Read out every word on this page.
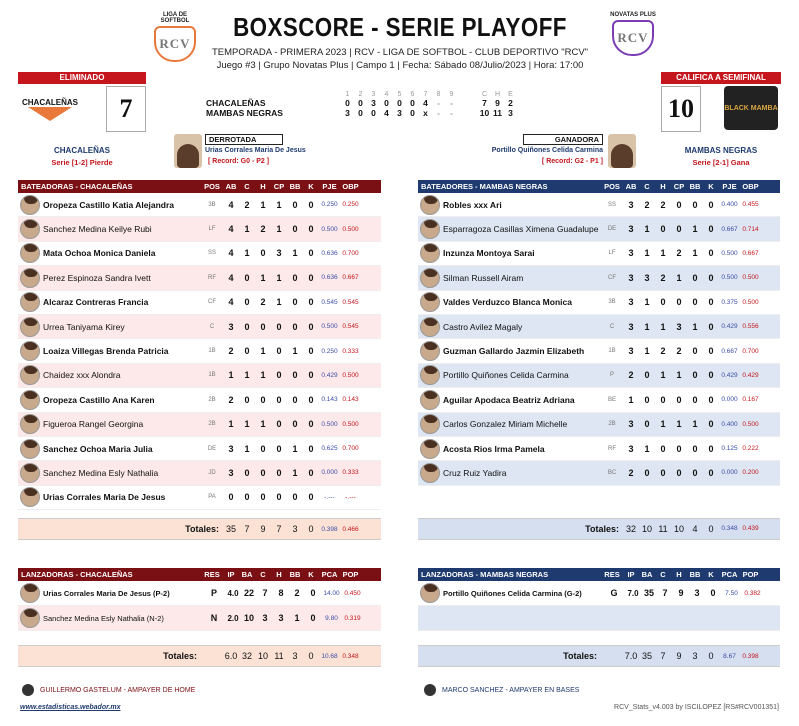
LIGA DE SOFTBOL
RCV
NOVATAS PLUS
RCV
BOXSCORE - SERIE PLAYOFF
TEMPORADA - PRIMERA 2023 | RCV - LIGA DE SOFTBOL - CLUB DEPORTIVO "RCV"
Juego #3 | Grupo Novatas Plus | Campo 1 | Fecha: Sábado 08/Julio/2023 | Hora: 17:00
ELIMINADO
CHACALEÑAS	7
CHACALEÑAS
Serie [1-2] Pierde
CALIFICA A SEMIFINAL
10	BLACK MAMBA
MAMBAS NEGRAS
Serie [2-1] Gana
1 2 3 4 5 6 7 8 9	C H E
CHACALEÑAS	0 0 3 0 0 0 4 - -	7 9 2
MAMBAS NEGRAS	3 0 0 4 3 0 x - -	10 11 3
DERROTADA
Urias Corrales Maria De Jesus
[ Record: G0 - P2 ]
GANADORA
Portillo Quiñones Celida Carmina
[ Record: G2 - P1 ]
BATEADORAS - CHACALEÑAS	POS AB	C	H	CP BB	K	PJE OBP
Oropeza Castillo Katia Alejandra	3B	4	2	1	1	0	0	0.250 0.250
Sanchez Medina Keilye Rubi	LF	4	1	2	1	0	0	0.500 0.500
Mata Ochoa Monica Daniela	SS	4	1	0	3	1	0	0.636 0.700
Perez Espinoza Sandra Ivett	RF	4	0	1	1	0	0	0.636 0.667
Alcaraz Contreras Francia	CF	4	0	2	1	0	0	0.545 0.545
Urrea Taniyama Kirey	C	3	0	0	0	0	0	0.500 0.545
Loaiza Villegas Brenda Patricia	1B	2	0	1	0	1	0	0.250 0.333
Chaidez xxx Alondra	1B	1	1	1	0	0	0	0.429 0.500
Oropeza Castillo Ana Karen	2B	2	0	0	0	0	0	0.143 0.143
Figueroa Rangel Georgina	2B	1	1	1	0	0	0	0.500 0.500
Sanchez Ochoa Maria Julia	DE	3	1	0	0	1	0	0.625 0.700
Sanchez Medina Esly Nathalia	JD	3	0	0	0	1	0	0.000 0.333
Urias Corrales Maria De Jesus	PA	0	0	0	0	0	0	-.---	-.---
Totales: 35 7	9	7	3	0	0.398 0.466
BATEADORES - MAMBAS NEGRAS	POS AB	C	H	CP BB	K	PJE OBP
Robles xxx Ari	SS	3	2	2	0	0	0	0.400 0.455
Esparragoza Casillas Ximena Guadalupe	DE	3	1	0	0	1	0	0.667 0.714
Inzunza Montoya Sarai	LF	3	1	1	2	1	0	0.500 0.667
Silman Russell Airam	CF	3	3	2	1	0	0	0.500 0.500
Valdes Verduzco Blanca Monica	3B	3	1	0	0	0	0	0.375 0.500
Castro Avilez Magaly	C	3	1	1	3	1	0	0.429 0.556
Guzman Gallardo Jazmin Elizabeth	1B	3	1	2	2	0	0	0.667 0.700
Portillo Quiñones Celida Carmina	P	2	0	1	1	0	0	0.429 0.429
Aguilar Apodaca Beatriz Adriana	BE	1	0	0	0	0	0	0.000 0.167
Carlos Gonzalez Miriam Michelle	2B	3	0	1	1	1	0	0.400 0.500
Acosta Rios Irma Pamela	RF	3	1	0	0	0	0	0.125 0.222
Cruz Ruiz Yadira	BC	2	0	0	0	0	0	0.000 0.200
Totales: 32 10 11 10 4	0	0.348 0.439
LANZADORAS - CHACALEÑAS	RES	IP BA	C	H	BB	K	PCA POP
Urias Corrales Maria De Jesus (P-2)	P	4.0 22 7	8	2	0	14.00 0.450
Sanchez Medina Esly Nathalia (N-2)	N	2.0 10 3	3	1	0	9.80	0.319
Totales:	6.0 32 10 11 3	0	10.68 0.348
LANZADORAS - MAMBAS NEGRAS	RES	IP BA	C	H	BB	K	PCA POP
Portillo Quiñones Celida Carmina (G-2)	G	7.0 35 7	9	3	0	7.50	0.382
Totales:	7.0 35 7	9	3	0	8.67	0.398
GUILLERMO GASTELUM - AMPAYER DE HOME	MARCO SANCHEZ - AMPAYER EN BASES
www.estadisticas.webador.mx	RCV_Stats_v4.003 by ISCILOPEZ [RS#RCV001351]
